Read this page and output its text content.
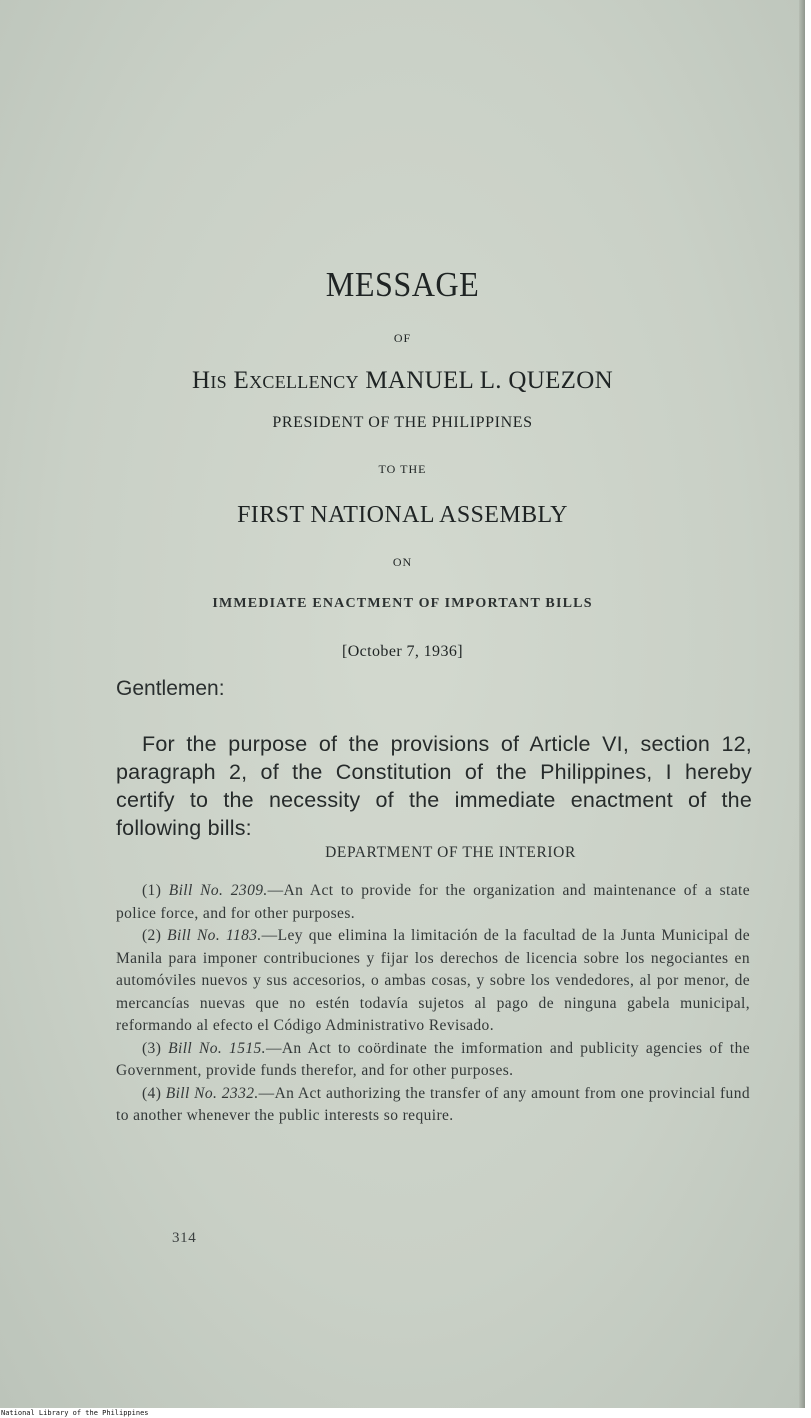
MESSAGE
OF
His Excellency MANUEL L. QUEZON
PRESIDENT OF THE PHILIPPINES
TO THE
FIRST NATIONAL ASSEMBLY
ON
IMMEDIATE ENACTMENT OF IMPORTANT BILLS
[October 7, 1936]
Gentlemen:

For the purpose of the provisions of Article VI, section 12, paragraph 2, of the Constitution of the Philippines, I hereby certify to the necessity of the immediate enactment of the following bills:

DEPARTMENT OF THE INTERIOR

(1) Bill No. 2309.—An Act to provide for the organization and maintenance of a state police force, and for other purposes.

(2) Bill No. 1183.—Ley que elimina la limitación de la facultad de la Junta Municipal de Manila para imponer contribuciones y fijar los derechos de licencia sobre los negociantes en automóviles nuevos y sus accesorios, o ambas cosas, y sobre los vendedores, al por menor, de mercancías nuevas que no estén todavía sujetos al pago de ninguna gabela municipal, reformando al efecto el Código Administrativo Revisado.

(3) Bill No. 1515.—An Act to coördinate the imformation and publicity agencies of the Government, provide funds therefor, and for other purposes.

(4) Bill No. 2332.—An Act authorizing the transfer of any amount from one provincial fund to another whenever the public interests so require.

314
National Library of the Philippines
